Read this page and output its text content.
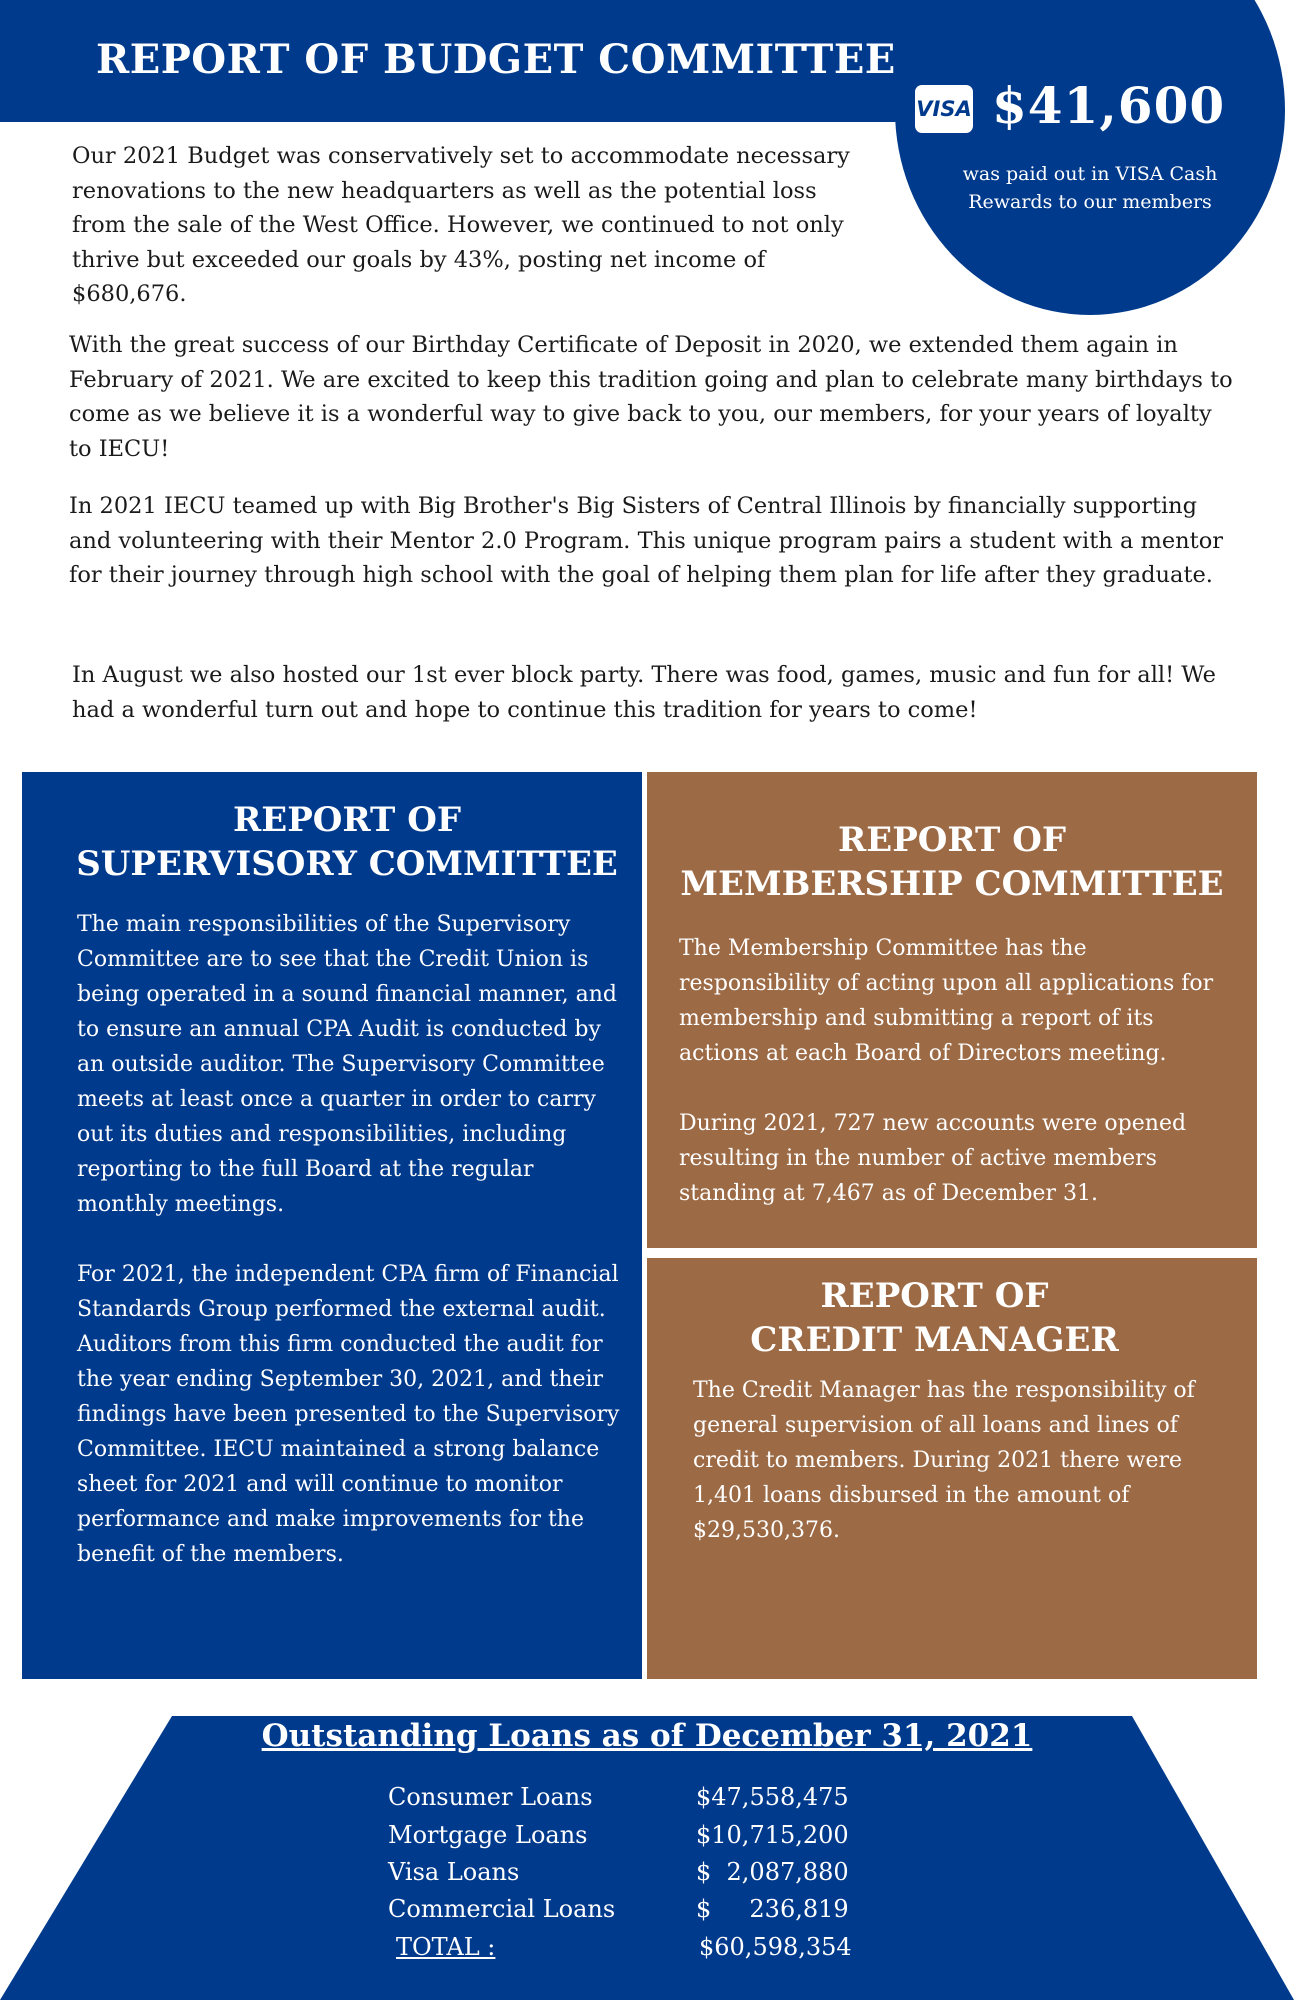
REPORT OF BUDGET COMMITTEE
VISA $41,600
was paid out in VISA Cash Rewards to our members

Our 2021 Budget was conservatively set to accommodate necessary renovations to the new headquarters as well as the potential loss from the sale of the West Office. However, we continued to not only thrive but exceeded our goals by 43%, posting net income of $680,676.

With the great success of our Birthday Certificate of Deposit in 2020, we extended them again in February of 2021. We are excited to keep this tradition going and plan to celebrate many birthdays to come as we believe it is a wonderful way to give back to you, our members, for your years of loyalty to IECU!

In 2021 IECU teamed up with Big Brother's Big Sisters of Central Illinois by financially supporting and volunteering with their Mentor 2.0 Program. This unique program pairs a student with a mentor for their journey through high school with the goal of helping them plan for life after they graduate.

In August we also hosted our 1st ever block party. There was food, games, music and fun for all! We had a wonderful turn out and hope to continue this tradition for years to come!

REPORT OF
SUPERVISORY COMMITTEE

The main responsibilities of the Supervisory Committee are to see that the Credit Union is being operated in a sound financial manner, and to ensure an annual CPA Audit is conducted by an outside auditor. The Supervisory Committee meets at least once a quarter in order to carry out its duties and responsibilities, including reporting to the full Board at the regular monthly meetings.

For 2021, the independent CPA firm of Financial Standards Group performed the external audit. Auditors from this firm conducted the audit for the year ending September 30, 2021, and their findings have been presented to the Supervisory Committee. IECU maintained a strong balance sheet for 2021 and will continue to monitor performance and make improvements for the benefit of the members.

REPORT OF
MEMBERSHIP COMMITTEE

The Membership Committee has the responsibility of acting upon all applications for membership and submitting a report of its actions at each Board of Directors meeting.

During 2021, 727 new accounts were opened resulting in the number of active members standing at 7,467 as of December 31.

REPORT OF
CREDIT MANAGER

The Credit Manager has the responsibility of general supervision of all loans and lines of credit to members. During 2021 there were 1,401 loans disbursed in the amount of $29,530,376.

Outstanding Loans as of December 31, 2021
Consumer Loans	$47,558,475
Mortgage Loans	$10,715,200
Visa Loans	$  2,087,880
Commercial Loans	$     236,819
TOTAL :	$60,598,354
